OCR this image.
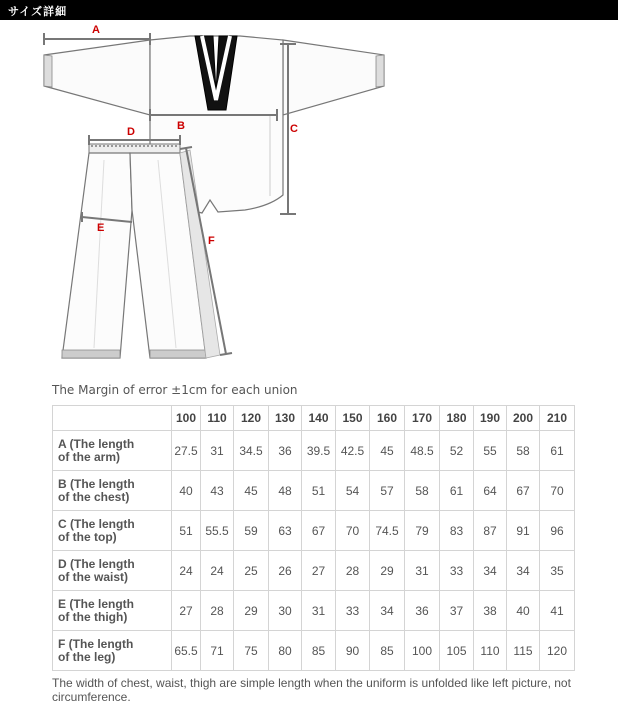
サイズ詳細
A
B	C
D
E
F
The Margin of error ±1cm for each union
	100	110	120	130	140	150	160	170	180	190	200	210

A (The length
of the arm)	27.5	31	34.5	36	39.5	42.5	45	48.5	52	55	58	61

B (The length
of the chest)	40	43	45	48	51	54	57	58	61	64	67	70

C (The length
of the top)	51	55.5	59	63	67	70	74.5	79	83	87	91	96

D (The length
of the waist)	24	24	25	26	27	28	29	31	33	34	34	35

E (The length
of the thigh)	27	28	29	30	31	33	34	36	37	38	40	41

F (The length
of the leg)	65.5	71	75	80	85	90	85	100	105	110	115	120
The width of chest, waist, thigh are simple length when the uniform is unfolded like left picture, not circumference.
